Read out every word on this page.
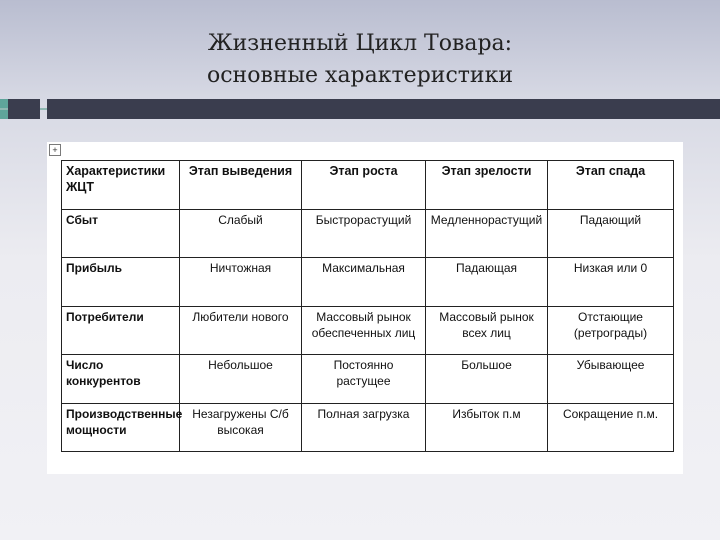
Жизненный Цикл Товара:
основные характеристики
+
Характеристики ЖЦТ	Этап выведения	Этап роста	Этап зрелости	Этап спада
Сбыт	Слабый	Быстрорастущий	Медленнорастущий	Падающий
Прибыль	Ничтожная	Максимальная	Падающая	Низкая или 0
Потребители	Любители нового	Массовый рынок обеспеченных лиц	Массовый рынок всех лиц	Отстающие (ретрограды)
Число конкурентов	Небольшое	Постоянно растущее	Большое	Убывающее
Производственные мощности	Незагружены С/б высокая	Полная загрузка	Избыток п.м	Сокращение п.м.
